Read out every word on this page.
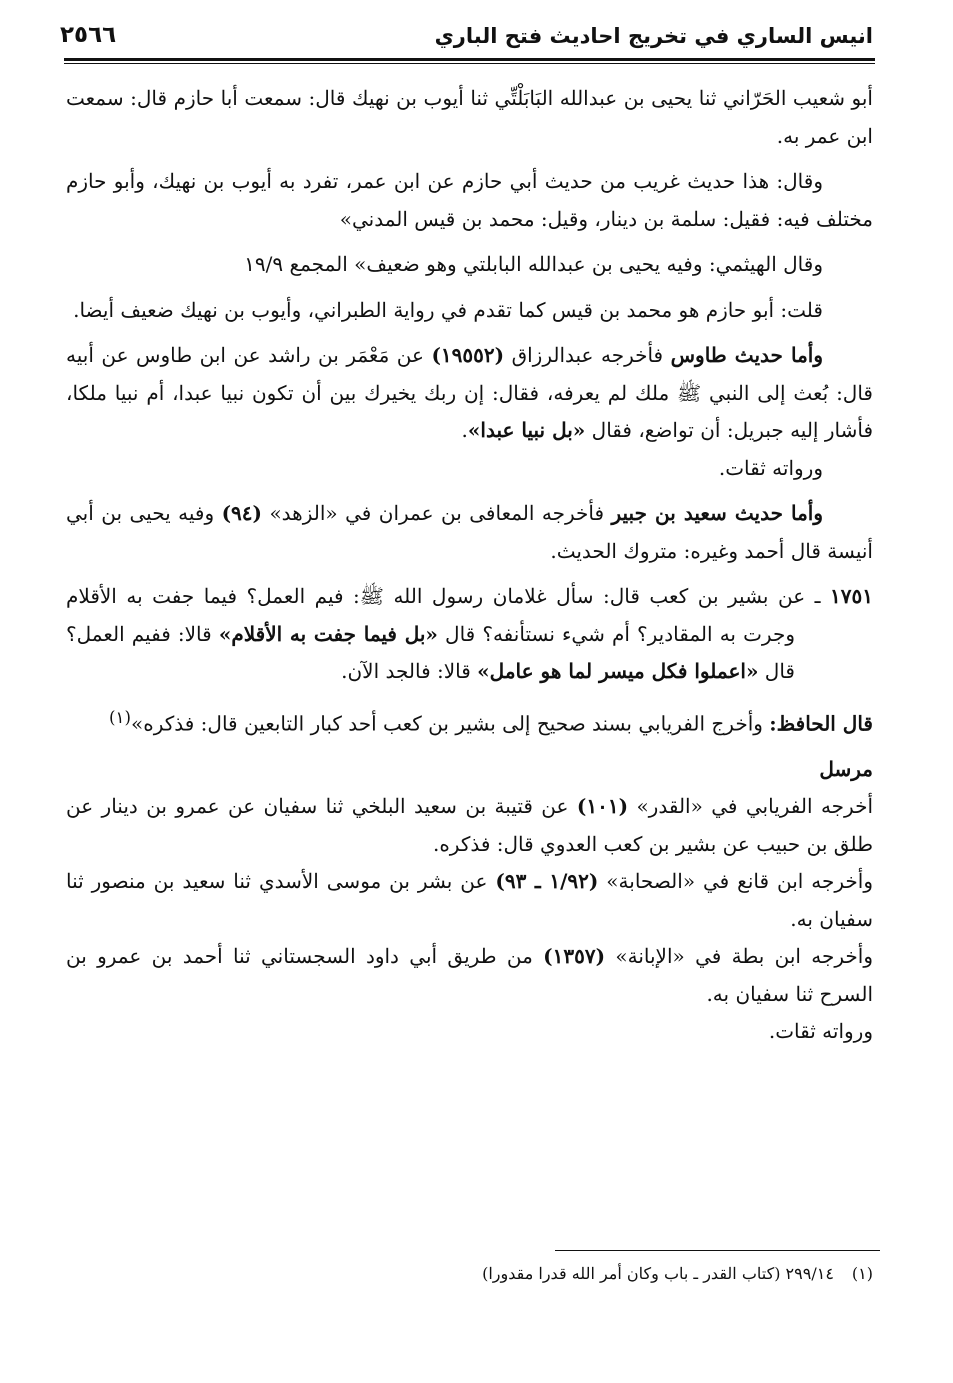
انيس الساري في تخريج احاديث فتح الباري
٢٥٦٦

أبو شعيب الحَرّاني ثنا يحيى بن عبدالله البَابَلْتِّي ثنا أيوب بن نهيك قال: سمعت أبا حازم قال: سمعت ابن عمر به.

وقال: هذا حديث غريب من حديث أبي حازم عن ابن عمر، تفرد به أيوب بن نهيك، وأبو حازم مختلف فيه: فقيل: سلمة بن دينار، وقيل: محمد بن قيس المدني»

وقال الهيثمي: وفيه يحيى بن عبدالله البابلتي وهو ضعيف» المجمع ١٩/٩

قلت: أبو حازم هو محمد بن قيس كما تقدم في رواية الطبراني، وأيوب بن نهيك ضعيف أيضا.

وأما حديث طاوس فأخرجه عبدالرزاق (١٩٥٥٢) عن مَعْمَر بن راشد عن ابن طاوس عن أبيه قال: بُعث إلى النبي ﷺ ملك لم يعرفه، فقال: إن ربك يخيرك بين أن تكون نبيا عبدا، أم نبيا ملكا، فأشار إليه جبريل: أن تواضع، فقال «بل نبيا عبدا».

ورواته ثقات.

وأما حديث سعيد بن جبير فأخرجه المعافى بن عمران في «الزهد» (٩٤) وفيه يحيى بن أبي أنيسة قال أحمد وغيره: متروك الحديث.

١٧٥١ ـ عن بشير بن كعب قال: سأل غلامان رسول الله ﷺ: فيم العمل؟ فيما جفت به الأقلام وجرت به المقادير؟ أم شيء نستأنفه؟ قال «بل فيما جفت به الأقلام» قالا: ففيم العمل؟ قال «اعملوا فكل ميسر لما هو عامل» قالا: فالجد الآن.

قال الحافظ: وأخرج الفريابي بسند صحيح إلى بشير بن كعب أحد كبار التابعين قال: فذكره»$^{(١)}$

مرسل

أخرجه الفريابي في «القدر» (١٠١) عن قتيبة بن سعيد البلخي ثنا سفيان عن عمرو بن دينار عن طلق بن حبيب عن بشير بن كعب العدوي قال: فذكره.

وأخرجه ابن قانع في «الصحابة» (١/٩٢ ـ ٩٣) عن بشر بن موسى الأسدي ثنا سعيد بن منصور ثنا سفيان به.

وأخرجه ابن بطة في «الإبانة» (١٣٥٧) من طريق أبي داود السجستاني ثنا أحمد بن عمرو بن السرح ثنا سفيان به.

ورواته ثقات.

(١)٢٩٩/١٤ (كتاب القدر ـ باب وكان أمر الله قدرا مقدورا)
